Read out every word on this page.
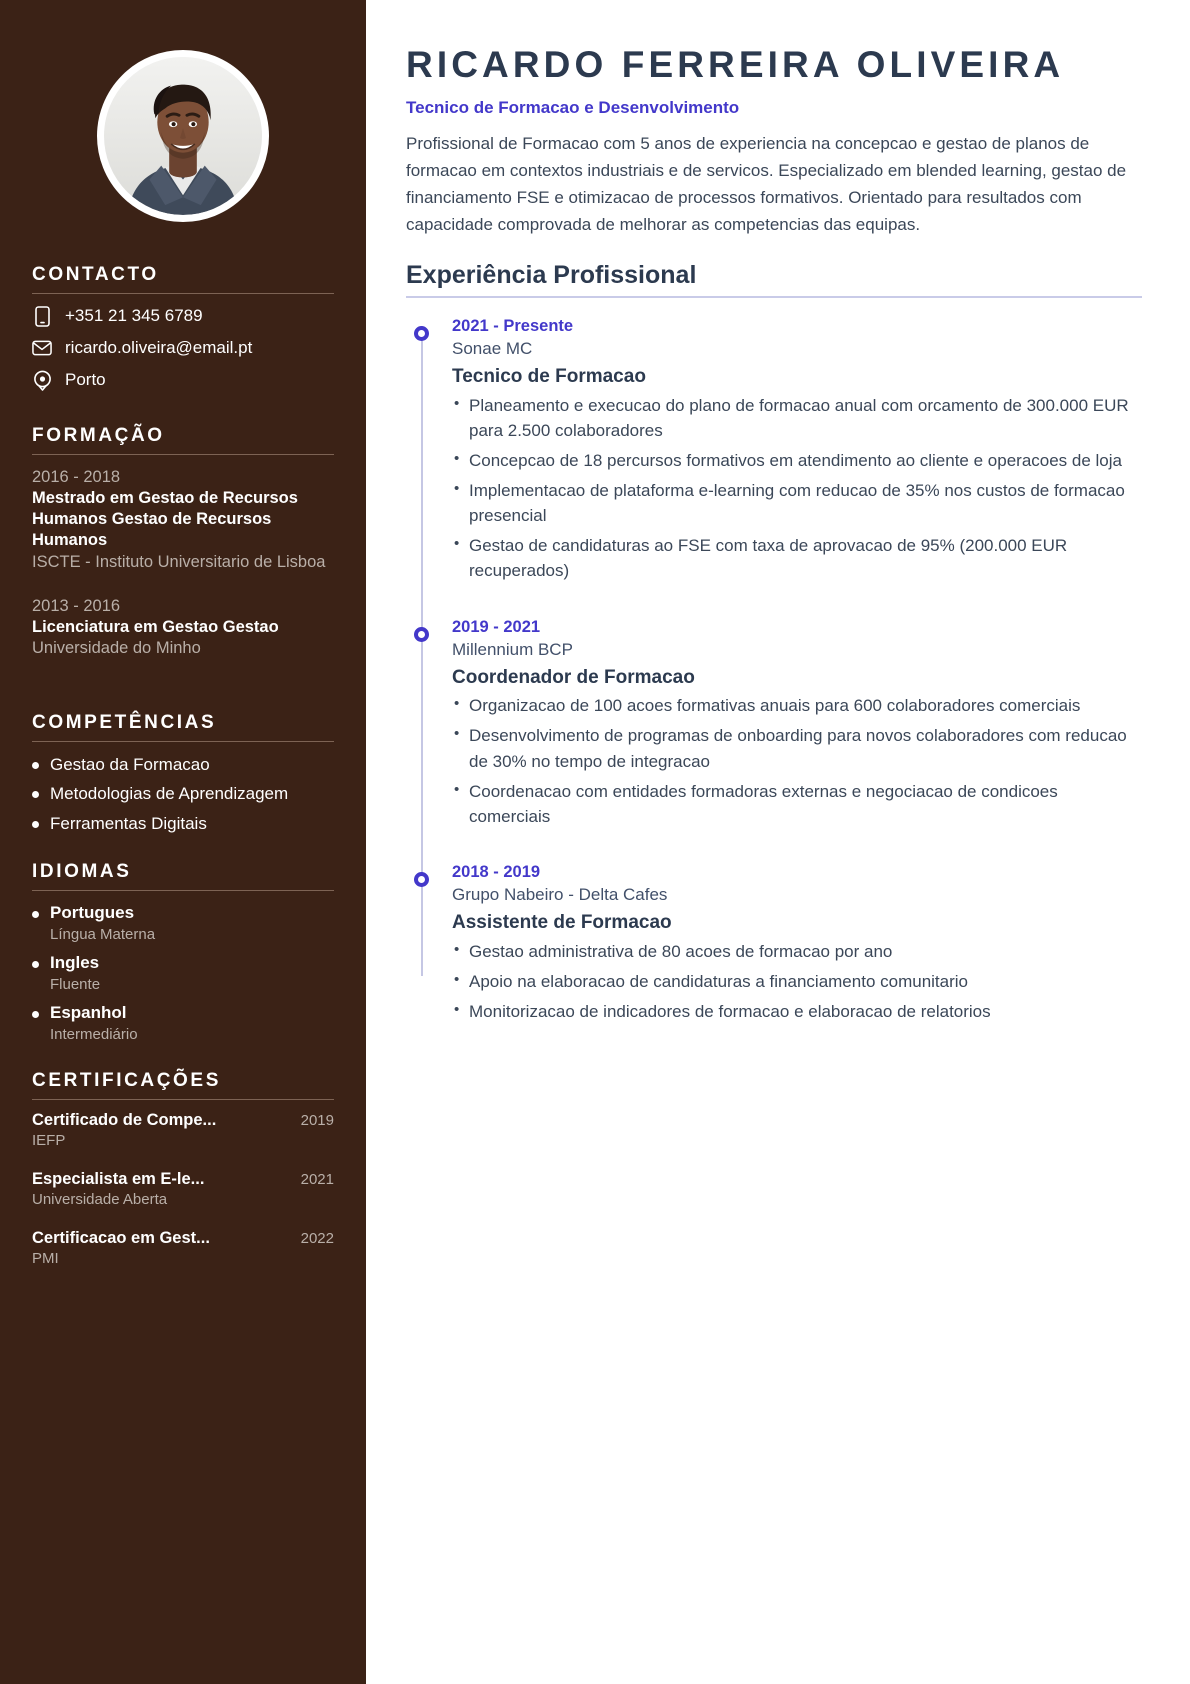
CONTACTO
+351 21 345 6789
ricardo.oliveira@email.pt
Porto
FORMAÇÃO
2016 - 2018
Mestrado em Gestao de Recursos Humanos Gestao de Recursos Humanos
ISCTE - Instituto Universitario de Lisboa
2013 - 2016
Licenciatura em Gestao Gestao
Universidade do Minho
COMPETÊNCIAS
Gestao da Formacao
Metodologias de Aprendizagem
Ferramentas Digitais
IDIOMAS
Portugues
Língua Materna
Ingles
Fluente
Espanhol
Intermediário
CERTIFICAÇÕES
Certificado de Compe...	2019
IEFP
Especialista em E-le...	2021
Universidade Aberta
Certificacao em Gest...	2022
PMI
RICARDO FERREIRA OLIVEIRA
Tecnico de Formacao e Desenvolvimento

Profissional de Formacao com 5 anos de experiencia na concepcao e gestao de planos de formacao em contextos industriais e de servicos. Especializado em blended learning, gestao de financiamento FSE e otimizacao de processos formativos. Orientado para resultados com capacidade comprovada de melhorar as competencias das equipas.

Experiência Profissional
2021 - Presente
Sonae MC
Tecnico de Formacao
• Planeamento e execucao do plano de formacao anual com orcamento de 300.000 EUR para 2.500 colaboradores
• Concepcao de 18 percursos formativos em atendimento ao cliente e operacoes de loja
• Implementacao de plataforma e-learning com reducao de 35% nos custos de formacao presencial
• Gestao de candidaturas ao FSE com taxa de aprovacao de 95% (200.000 EUR recuperados)
2019 - 2021
Millennium BCP
Coordenador de Formacao
• Organizacao de 100 acoes formativas anuais para 600 colaboradores comerciais
• Desenvolvimento de programas de onboarding para novos colaboradores com reducao de 30% no tempo de integracao
• Coordenacao com entidades formadoras externas e negociacao de condicoes comerciais
2018 - 2019
Grupo Nabeiro - Delta Cafes
Assistente de Formacao
• Gestao administrativa de 80 acoes de formacao por ano
• Apoio na elaboracao de candidaturas a financiamento comunitario
• Monitorizacao de indicadores de formacao e elaboracao de relatorios
